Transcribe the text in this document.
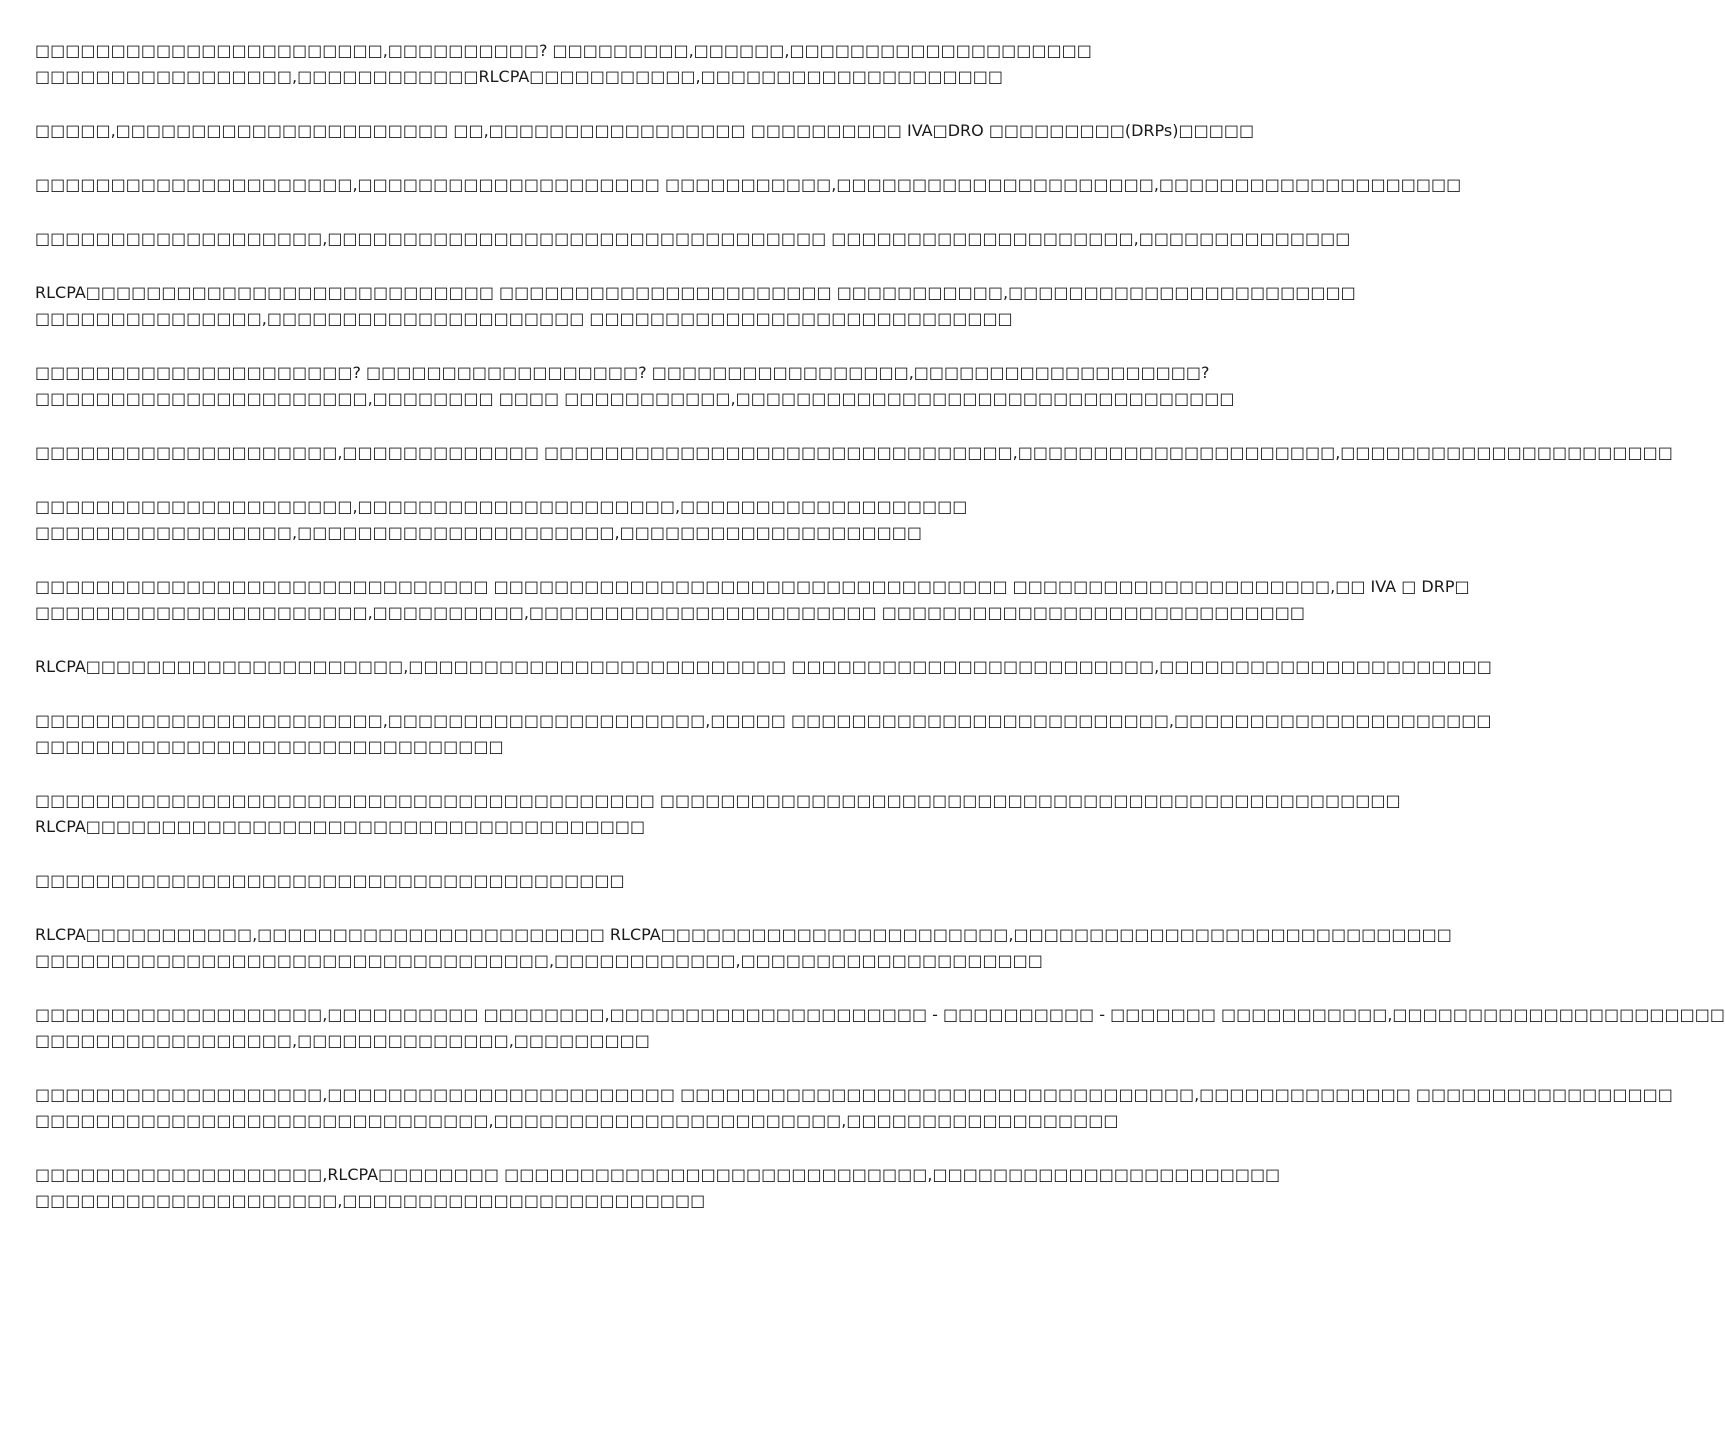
□□□□□□□□□□□□□□□□□□□□□□□,□□□□□□□□□□? □□□□□□□□□,□□□□□□,□□□□□□□□□□□□□□□□□□□□
□□□□□□□□□□□□□□□□□,□□□□□□□□□□□□RLCPA□□□□□□□□□□□,□□□□□□□□□□□□□□□□□□□□

□□□□□,□□□□□□□□□□□□□□□□□□□□□□ □□,□□□□□□□□□□□□□□□□□ □□□□□□□□□□ IVA□DRO □□□□□□□□□(DRPs)□□□□□

□□□□□□□□□□□□□□□□□□□□□,□□□□□□□□□□□□□□□□□□□□ □□□□□□□□□□□,□□□□□□□□□□□□□□□□□□□□□,□□□□□□□□□□□□□□□□□□□□

□□□□□□□□□□□□□□□□□□□,□□□□□□□□□□□□□□□□□□□□□□□□□□□□□□□□□ □□□□□□□□□□□□□□□□□□□□,□□□□□□□□□□□□□□

RLCPA□□□□□□□□□□□□□□□□□□□□□□□□□□□ □□□□□□□□□□□□□□□□□□□□□□ □□□□□□□□□□□,□□□□□□□□□□□□□□□□□□□□□□□
□□□□□□□□□□□□□□□,□□□□□□□□□□□□□□□□□□□□□ □□□□□□□□□□□□□□□□□□□□□□□□□□□□

□□□□□□□□□□□□□□□□□□□□□? □□□□□□□□□□□□□□□□□□? □□□□□□□□□□□□□□□□□,□□□□□□□□□□□□□□□□□□□?
□□□□□□□□□□□□□□□□□□□□□□,□□□□□□□□ □□□□ □□□□□□□□□□□,□□□□□□□□□□□□□□□□□□□□□□□□□□□□□□□□□

□□□□□□□□□□□□□□□□□□□□,□□□□□□□□□□□□□ □□□□□□□□□□□□□□□□□□□□□□□□□□□□□□□,□□□□□□□□□□□□□□□□□□□□□,□□□□□□□□□□□□□□□□□□□□□□

□□□□□□□□□□□□□□□□□□□□□,□□□□□□□□□□□□□□□□□□□□□,□□□□□□□□□□□□□□□□□□□
□□□□□□□□□□□□□□□□□,□□□□□□□□□□□□□□□□□□□□□,□□□□□□□□□□□□□□□□□□□□

□□□□□□□□□□□□□□□□□□□□□□□□□□□□□□ □□□□□□□□□□□□□□□□□□□□□□□□□□□□□□□□□□ □□□□□□□□□□□□□□□□□□□□□,□□ IVA □ DRP□
□□□□□□□□□□□□□□□□□□□□□□,□□□□□□□□□□,□□□□□□□□□□□□□□□□□□□□□□□ □□□□□□□□□□□□□□□□□□□□□□□□□□□□

RLCPA□□□□□□□□□□□□□□□□□□□□□,□□□□□□□□□□□□□□□□□□□□□□□□□ □□□□□□□□□□□□□□□□□□□□□□□□,□□□□□□□□□□□□□□□□□□□□□□

□□□□□□□□□□□□□□□□□□□□□□□,□□□□□□□□□□□□□□□□□□□□□,□□□□□ □□□□□□□□□□□□□□□□□□□□□□□□□,□□□□□□□□□□□□□□□□□□□□□
□□□□□□□□□□□□□□□□□□□□□□□□□□□□□□□

□□□□□□□□□□□□□□□□□□□□□□□□□□□□□□□□□□□□□□□□□ □□□□□□□□□□□□□□□□□□□□□□□□□□□□□□□□□□□□□□□□□□□□□□□□□
RLCPA□□□□□□□□□□□□□□□□□□□□□□□□□□□□□□□□□□□□□

□□□□□□□□□□□□□□□□□□□□□□□□□□□□□□□□□□□□□□□

RLCPA□□□□□□□□□□□,□□□□□□□□□□□□□□□□□□□□□□□ RLCPA□□□□□□□□□□□□□□□□□□□□□□□,□□□□□□□□□□□□□□□□□□□□□□□□□□□□□
□□□□□□□□□□□□□□□□□□□□□□□□□□□□□□□□□□,□□□□□□□□□□□□,□□□□□□□□□□□□□□□□□□□□

□□□□□□□□□□□□□□□□□□□,□□□□□□□□□□ □□□□□□□□,□□□□□□□□□□□□□□□□□□□□□ - □□□□□□□□□□ - □□□□□□□ □□□□□□□□□□□,□□□□□□□□□□□□□□□□□□□□□□
□□□□□□□□□□□□□□□□□,□□□□□□□□□□□□□□,□□□□□□□□□

□□□□□□□□□□□□□□□□□□□,□□□□□□□□□□□□□□□□□□□□□□□ □□□□□□□□□□□□□□□□□□□□□□□□□□□□□□□□□□,□□□□□□□□□□□□□□ □□□□□□□□□□□□□□□□□
□□□□□□□□□□□□□□□□□□□□□□□□□□□□□□,□□□□□□□□□□□□□□□□□□□□□□□,□□□□□□□□□□□□□□□□□□

□□□□□□□□□□□□□□□□□□□,RLCPA□□□□□□□□ □□□□□□□□□□□□□□□□□□□□□□□□□□□□,□□□□□□□□□□□□□□□□□□□□□□□
□□□□□□□□□□□□□□□□□□□□,□□□□□□□□□□□□□□□□□□□□□□□□
